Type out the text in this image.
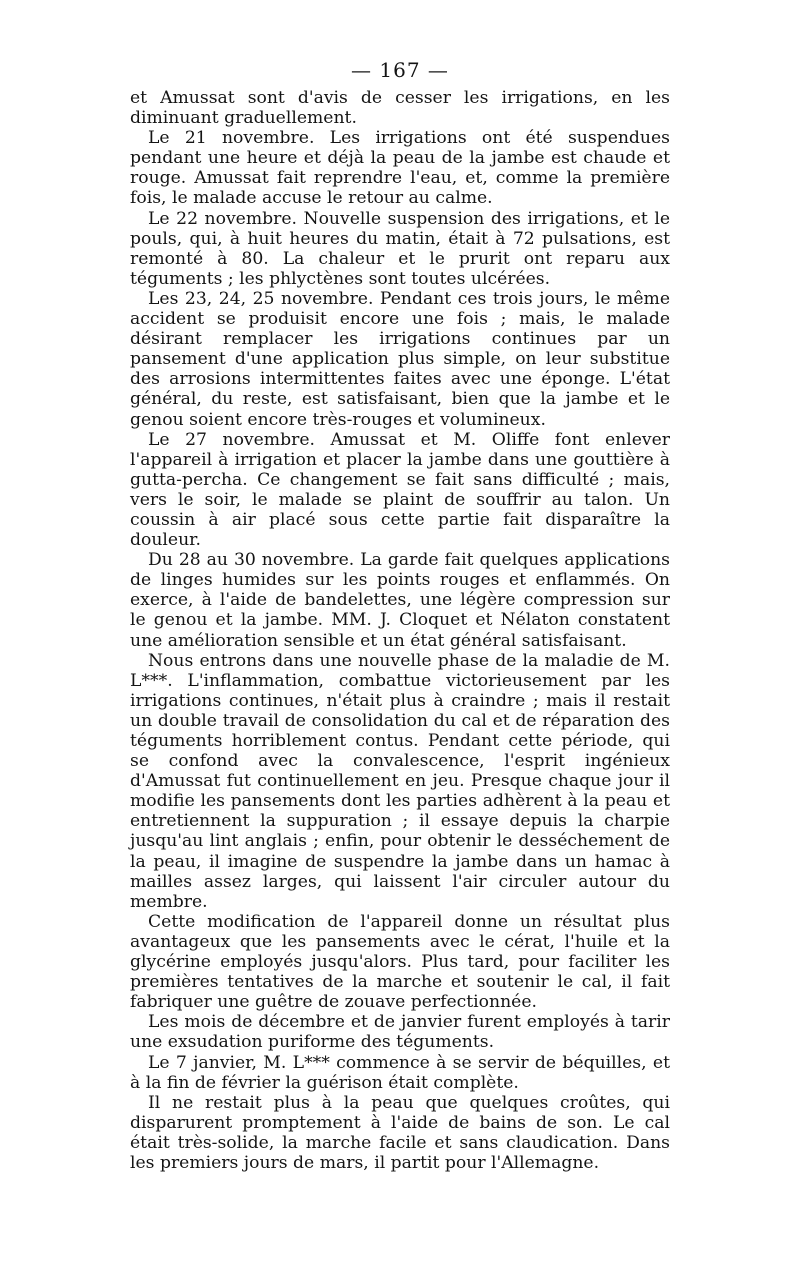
— 167 —

et Amussat sont d'avis de cesser les irrigations, en les diminuant graduellement.

Le 21 novembre. Les irrigations ont été suspendues pendant une heure et déjà la peau de la jambe est chaude et rouge. Amussat fait reprendre l'eau, et, comme la première fois, le malade accuse le retour au calme.

Le 22 novembre. Nouvelle suspension des irrigations, et le pouls, qui, à huit heures du matin, était à 72 pulsations, est remonté à 80. La chaleur et le prurit ont reparu aux téguments ; les phlyctènes sont toutes ulcérées.

Les 23, 24, 25 novembre. Pendant ces trois jours, le même accident se produisit encore une fois ; mais, le malade désirant remplacer les irrigations continues par un pansement d'une application plus simple, on leur substitue des arrosions intermittentes faites avec une éponge. L'état général, du reste, est satisfaisant, bien que la jambe et le genou soient encore très-rouges et volumineux.

Le 27 novembre. Amussat et M. Oliffe font enlever l'appareil à irrigation et placer la jambe dans une gouttière à gutta-percha. Ce changement se fait sans difficulté ; mais, vers le soir, le malade se plaint de souffrir au talon. Un coussin à air placé sous cette partie fait disparaître la douleur.

Du 28 au 30 novembre. La garde fait quelques applications de linges humides sur les points rouges et enflammés. On exerce, à l'aide de bandelettes, une légère compression sur le genou et la jambe. MM. J. Cloquet et Nélaton constatent une amélioration sensible et un état général satisfaisant.

Nous entrons dans une nouvelle phase de la maladie de M. L***. L'inflammation, combattue victorieusement par les irrigations continues, n'était plus à craindre ; mais il restait un double travail de consolidation du cal et de réparation des téguments horriblement contus. Pendant cette période, qui se confond avec la convalescence, l'esprit ingénieux d'Amussat fut continuellement en jeu. Presque chaque jour il modifie les pansements dont les parties adhèrent à la peau et entretiennent la suppuration ; il essaye depuis la charpie jusqu'au lint anglais ; enfin, pour obtenir le desséchement de la peau, il imagine de suspendre la jambe dans un hamac à mailles assez larges, qui laissent l'air circuler autour du membre.

Cette modification de l'appareil donne un résultat plus avantageux que les pansements avec le cérat, l'huile et la glycérine employés jusqu'alors. Plus tard, pour faciliter les premières tentatives de la marche et soutenir le cal, il fait fabriquer une guêtre de zouave perfectionnée.

Les mois de décembre et de janvier furent employés à tarir une exsudation puriforme des téguments.

Le 7 janvier, M. L*** commence à se servir de béquilles, et à la fin de février la guérison était complète.

Il ne restait plus à la peau que quelques croûtes, qui disparurent promptement à l'aide de bains de son. Le cal était très-solide, la marche facile et sans claudication. Dans les premiers jours de mars, il partit pour l'Allemagne.
